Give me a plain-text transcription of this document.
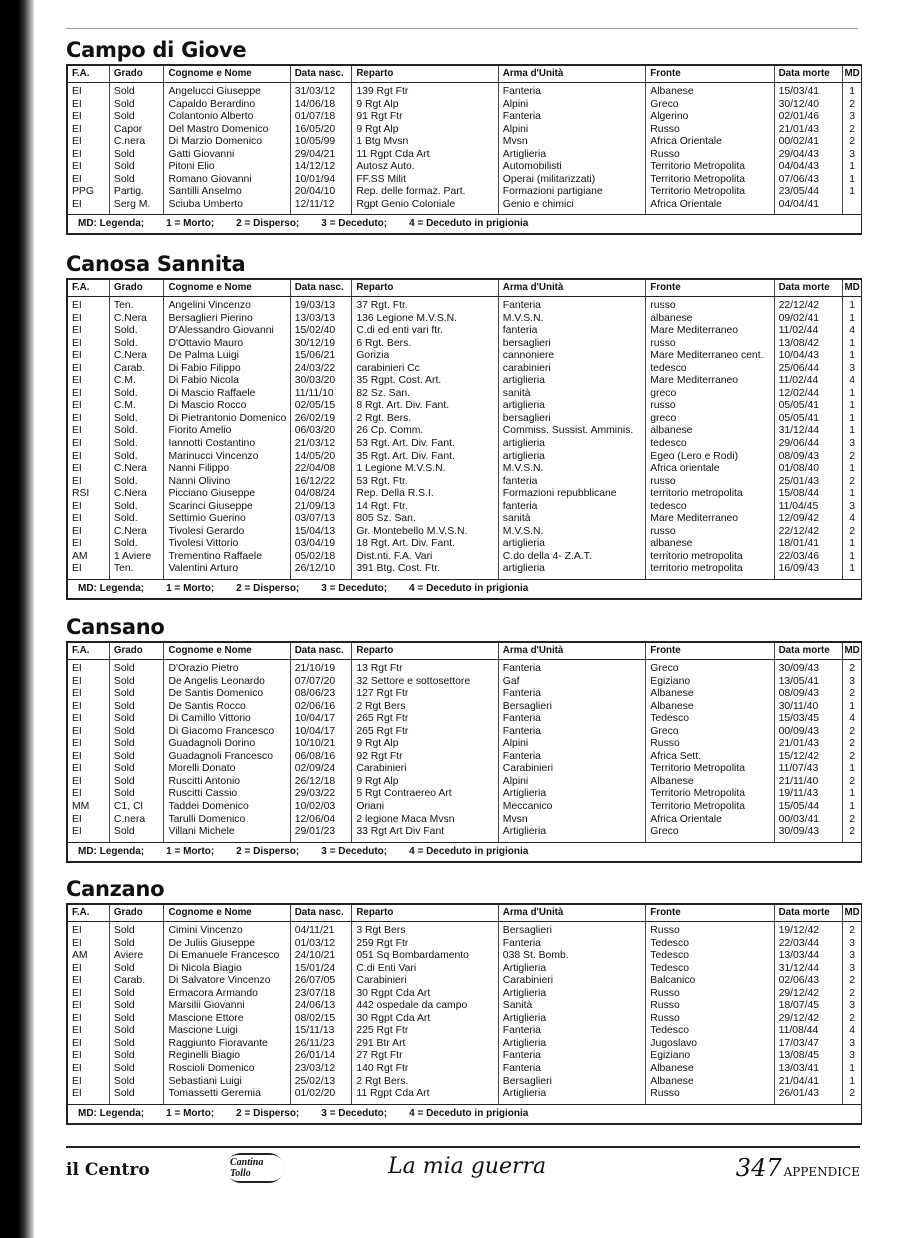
Campo di Giove
F.A.	Grado	Cognome e Nome	Data nasc.	Reparto	Arma d'Unità	Fronte	Data morte	MD
EI	Sold	Angelucci Giuseppe	31/03/12	139 Rgt Ftr	Fanteria	Albanese	15/03/41	1
EI	Sold	Capaldo Berardino	14/06/18	9 Rgt Alp	Alpini	Greco	30/12/40	2
EI	Sold	Colantonio Alberto	01/07/18	91 Rgt Ftr	Fanteria	Algerino	02/01/46	3
EI	Capor	Del Mastro Domenico	16/05/20	9 Rgt Alp	Alpini	Russo	21/01/43	2
EI	C.nera	Di Marzio Domenico	10/05/99	1 Btg Mvsn	Mvsn	Africa Orientale	00/02/41	2
EI	Sold	Gatti Giovanni	29/04/21	11 Rgpt Cda Art	Artiglieria	Russo	29/04/43	3
EI	Sold	Pitoni Elio	14/12/12	Autosz Auto.	Automobilisti	Territorio Metropolita	04/04/43	1
EI	Sold	Romano Giovanni	10/01/94	FF.SS Milit	Operai (militarizzati)	Territorio Metropolita	07/06/43	1
PPG	Partig.	Santilli Anselmo	20/04/10	Rep. delle formaz. Part.	Formazioni partigiane	Territorio Metropolita	23/05/44	1
EI	Serg M.	Sciuba Umberto	12/11/12	Rgpt Genio Coloniale	Genio e chimici	Africa Orientale	04/04/41	
MD: Legenda; 1 = Morto; 2 = Disperso; 3 = Deceduto; 4 = Deceduto in prigionia
Canosa Sannita
F.A.	Grado	Cognome e Nome	Data nasc.	Reparto	Arma d'Unità	Fronte	Data morte	MD
EI	Ten.	Angelini Vincenzo	19/03/13	37 Rgt. Ftr.	Fanteria	russo	22/12/42	1
EI	C.Nera	Bersaglieri Pierino	13/03/13	136 Legione M.V.S.N.	M.V.S.N.	albanese	09/02/41	1
EI	Sold.	D'Alessandro Giovanni	15/02/40	C.di ed enti vari ftr.	fanteria	Mare Mediterraneo	11/02/44	4
EI	Sold.	D'Ottavio Mauro	30/12/19	6 Rgt. Bers.	bersaglieri	russo	13/08/42	1
EI	C.Nera	De Palma Luigi	15/06/21	Gorizia	cannoniere	Mare Mediterraneo cent.	10/04/43	1
EI	Carab.	Di Fabio Filippo	24/03/22	carabinieri Cc	carabinieri	tedesco	25/06/44	3
EI	C.M.	Di Fabio Nicola	30/03/20	35 Rgpt. Cost. Art.	artiglieria	Mare Mediterraneo	11/02/44	4
EI	Sold.	Di Mascio Raffaele	11/11/10	82 Sz. San.	sanità	greco	12/02/44	1
EI	C.M.	Di Mascio Rocco	02/05/15	8 Rgt. Art. Div. Fant.	artiglieria	russo	05/05/41	1
EI	Sold.	Di Pietrantonio Domenico	26/02/19	2 Rgt. Bers.	bersaglieri	greco	05/05/41	1
EI	Sold.	Fiorito Amelio	06/03/20	26 Cp. Comm.	Commiss. Sussist. Amminis.	albanese	31/12/44	1
EI	Sold.	Iannotti Costantino	21/03/12	53 Rgt. Art. Div. Fant.	artiglieria	tedesco	29/06/44	3
EI	Sold.	Marinucci Vincenzo	14/05/20	35 Rgt. Art. Div. Fant.	artiglieria	Egeo (Lero e Rodi)	08/09/43	2
EI	C.Nera	Nanni Filippo	22/04/08	1 Legione M.V.S.N.	M.V.S.N.	Africa orientale	01/08/40	1
EI	Sold.	Nanni Olivino	16/12/22	53 Rgt. Ftr.	fanteria	russo	25/01/43	2
RSI	C.Nera	Picciano Giuseppe	04/08/24	Rep. Della R.S.I.	Formazioni repubblicane	territorio metropolita	15/08/44	1
EI	Sold.	Scarinci Giuseppe	21/09/13	14 Rgt. Ftr.	fanteria	tedesco	11/04/45	3
EI	Sold.	Settimio Guerino	03/07/13	805 Sz. San.	sanità	Mare Mediterraneo	12/09/42	4
EI	C.Nera	Tivolesi Gerardo	15/04/13	Gr. Montebello M.V.S.N.	M.V.S.N.	russo	22/12/42	2
EI	Sold.	Tivolesi Vittorio	03/04/19	18 Rgt. Art. Div. Fant.	artiglieria	albanese	18/01/41	1
AM	1 Aviere	Trementino Raffaele	05/02/18	Dist.nti. F.A. Vari	C.do della 4- Z.A.T.	territorio metropolita	22/03/46	1
EI	Ten.	Valentini Arturo	26/12/10	391 Btg. Cost. Ftr.	artiglieria	territorio metropolita	16/09/43	1
MD: Legenda; 1 = Morto; 2 = Disperso; 3 = Deceduto; 4 = Deceduto in prigionia
Cansano
F.A.	Grado	Cognome e Nome	Data nasc.	Reparto	Arma d'Unità	Fronte	Data morte	MD
EI	Sold	D'Orazio Pietro	21/10/19	13 Rgt Ftr	Fanteria	Greco	30/09/43	2
EI	Sold	De Angelis Leonardo	07/07/20	32 Settore e sottosettore	Gaf	Egiziano	13/05/41	3
EI	Sold	De Santis Domenico	08/06/23	127 Rgt Ftr	Fanteria	Albanese	08/09/43	2
EI	Sold	De Santis Rocco	02/06/16	2 Rgt Bers	Bersaglieri	Albanese	30/11/40	1
EI	Sold	Di Camillo Vittorio	10/04/17	265 Rgt Ftr	Fanteria	Tedesco	15/03/45	4
EI	Sold	Di Giacomo Francesco	10/04/17	265 Rgt Ftr	Fanteria	Greco	00/09/43	2
EI	Sold	Guadagnoli Dorino	10/10/21	9 Rgt Alp	Alpini	Russo	21/01/43	2
EI	Sold	Guadagnoli Francesco	06/08/16	92 Rgt Ftr	Fanteria	Africa Sett.	15/12/42	2
EI	Sold	Morelli Donato	02/09/24	Carabinieri	Carabinieri	Territorio Metropolita	11/07/43	1
EI	Sold	Ruscitti Antonio	26/12/18	9 Rgt Alp	Alpini	Albanese	21/11/40	2
EI	Sold	Ruscitti Cassio	29/03/22	5 Rgt Contraereo Art	Artiglieria	Territorio Metropolita	19/11/43	1
MM	C1, Cl	Taddei Domenico	10/02/03	Oriani	Meccanico	Territorio Metropolita	15/05/44	1
EI	C.nera	Tarulli Domenico	12/06/04	2 legione Maca Mvsn	Mvsn	Africa Orientale	00/03/41	2
EI	Sold	Villani Michele	29/01/23	33 Rgt Art Div Fant	Artiglieria	Greco	30/09/43	2
MD: Legenda; 1 = Morto; 2 = Disperso; 3 = Deceduto; 4 = Deceduto in prigionia
Canzano
F.A.	Grado	Cognome e Nome	Data nasc.	Reparto	Arma d'Unità	Fronte	Data morte	MD
EI	Sold	Cimini Vincenzo	04/11/21	3 Rgt Bers	Bersaglieri	Russo	19/12/42	2
EI	Sold	De Juliis Giuseppe	01/03/12	259 Rgt Ftr	Fanteria	Tedesco	22/03/44	3
AM	Aviere	Di Emanuele Francesco	24/10/21	051 Sq Bombardamento	038 St. Bomb.	Tedesco	13/03/44	3
EI	Sold	Di Nicola Biagio	15/01/24	C.di Enti Vari	Artiglieria	Tedesco	31/12/44	3
EI	Carab.	Di Salvatore Vincenzo	26/07/05	Carabinieri	Carabinieri	Balcanico	02/06/43	2
EI	Sold	Ermacora Armando	23/07/18	30 Rgpt Cda Art	Artiglieria	Russo	29/12/42	2
EI	Sold	Marsilii Giovanni	24/06/13	442 ospedale da campo	Sanità	Russo	18/07/45	3
EI	Sold	Mascione Ettore	08/02/15	30 Rgpt Cda Art	Artiglieria	Russo	29/12/42	2
EI	Sold	Mascione Luigi	15/11/13	225 Rgt Ftr	Fanteria	Tedesco	11/08/44	4
EI	Sold	Raggiunto Fioravante	26/11/23	291 Btr Art	Artiglieria	Jugoslavo	17/03/47	3
EI	Sold	Reginelli Biagio	26/01/14	27 Rgt Ftr	Fanteria	Egiziano	13/08/45	3
EI	Sold	Roscioli Domenico	23/03/12	140 Rgt Ftr	Fanteria	Albanese	13/03/41	1
EI	Sold	Sebastiani Luigi	25/02/13	2 Rgt Bers.	Bersaglieri	Albanese	21/04/41	1
EI	Sold	Tomassetti Geremia	01/02/20	11 Rgpt Cda Art	Artiglieria	Russo	26/01/43	2
MD: Legenda; 1 = Morto; 2 = Disperso; 3 = Deceduto; 4 = Deceduto in prigionia
il Centro	Cantina Tollo	La mia guerra	347 APPENDICE
